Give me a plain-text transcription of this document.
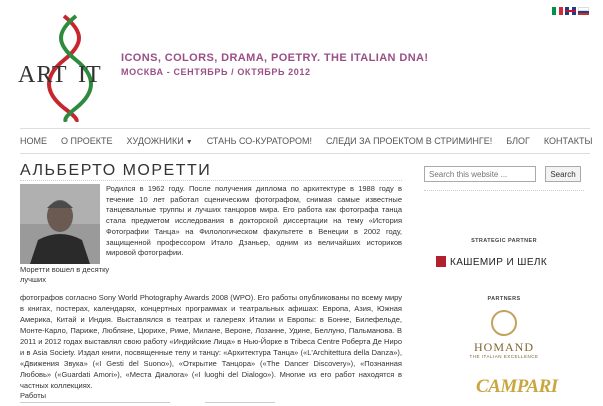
ART IT
ICONS, COLORS, DRAMA, POETRY. THE ITALIAN DNA!
МОСКВА - СЕНТЯБРЬ / ОКТЯБРЬ 2012
HOME О ПРОЕКТЕ ХУДОЖНИКИ ▼ СТАНЬ СО-КУРАТОРОМ! СЛЕДИ ЗА ПРОЕКТОМ В СТРИМИНГЕ! БЛОГ КОНТАКТЫ
АЛЬБЕРТО МОРЕТТИ
Моретти вошел в десятку лучших
Родился в 1962 году. После получения диплома по архитектуре в 1988 году в течение 10 лет работал сценическим фотографом, снимая самые известные танцевальные труппы и лучших танцоров мира. Его работа как фотографа танца стала предметом исследования в докторской диссертации на тему «История Фотографии Танца» на Филологическом факультете в Венеции в 2002 году, защищенной профессором Итало Дзаньер, одним из величайших историков мировой фотографии.
фотографов согласно Sony World Photography Awards 2008 (WPO). Его работы опубликованы по всему миру в книгах, постерах, календарях, концертных программах и театральных афишах: Европа, Азия, Южная Америка, Китай и Индия. Выставлялся в театрах и галереях Италии и Европы: в Бонне, Билефельде, Монте-Карло, Париже, Любляне, Цюрихе, Риме, Милане, Вероне, Лозанне, Удине, Беллуно, Пальманова. В 2011 и 2012 годах выставлял свою работу «Индийские Лица» в Нью-Йорке в Tribeca Centre Роберта Де Ниро и в Asia Society. Издал книги, посвященные телу и танцу: «Архитектура Танца» («L'Architettura della Danza»), «Движения Звука» («I Gesti del Suono»), «Открытие Танцора» («The Dancer Discovery»), «Познанная Любовь» («Guardati Amori»), «Места Диалога» («I luoghi del Dialogo»). Многие из его работ находятся в частных коллекциях.
Работы
Search this website ...
Search
STRATEGIC PARTNER
КАШЕМИР И ШЕЛК
PARTNERS
HOMAND
THE ITALIAN EXCELLENCE
CAMPARI
